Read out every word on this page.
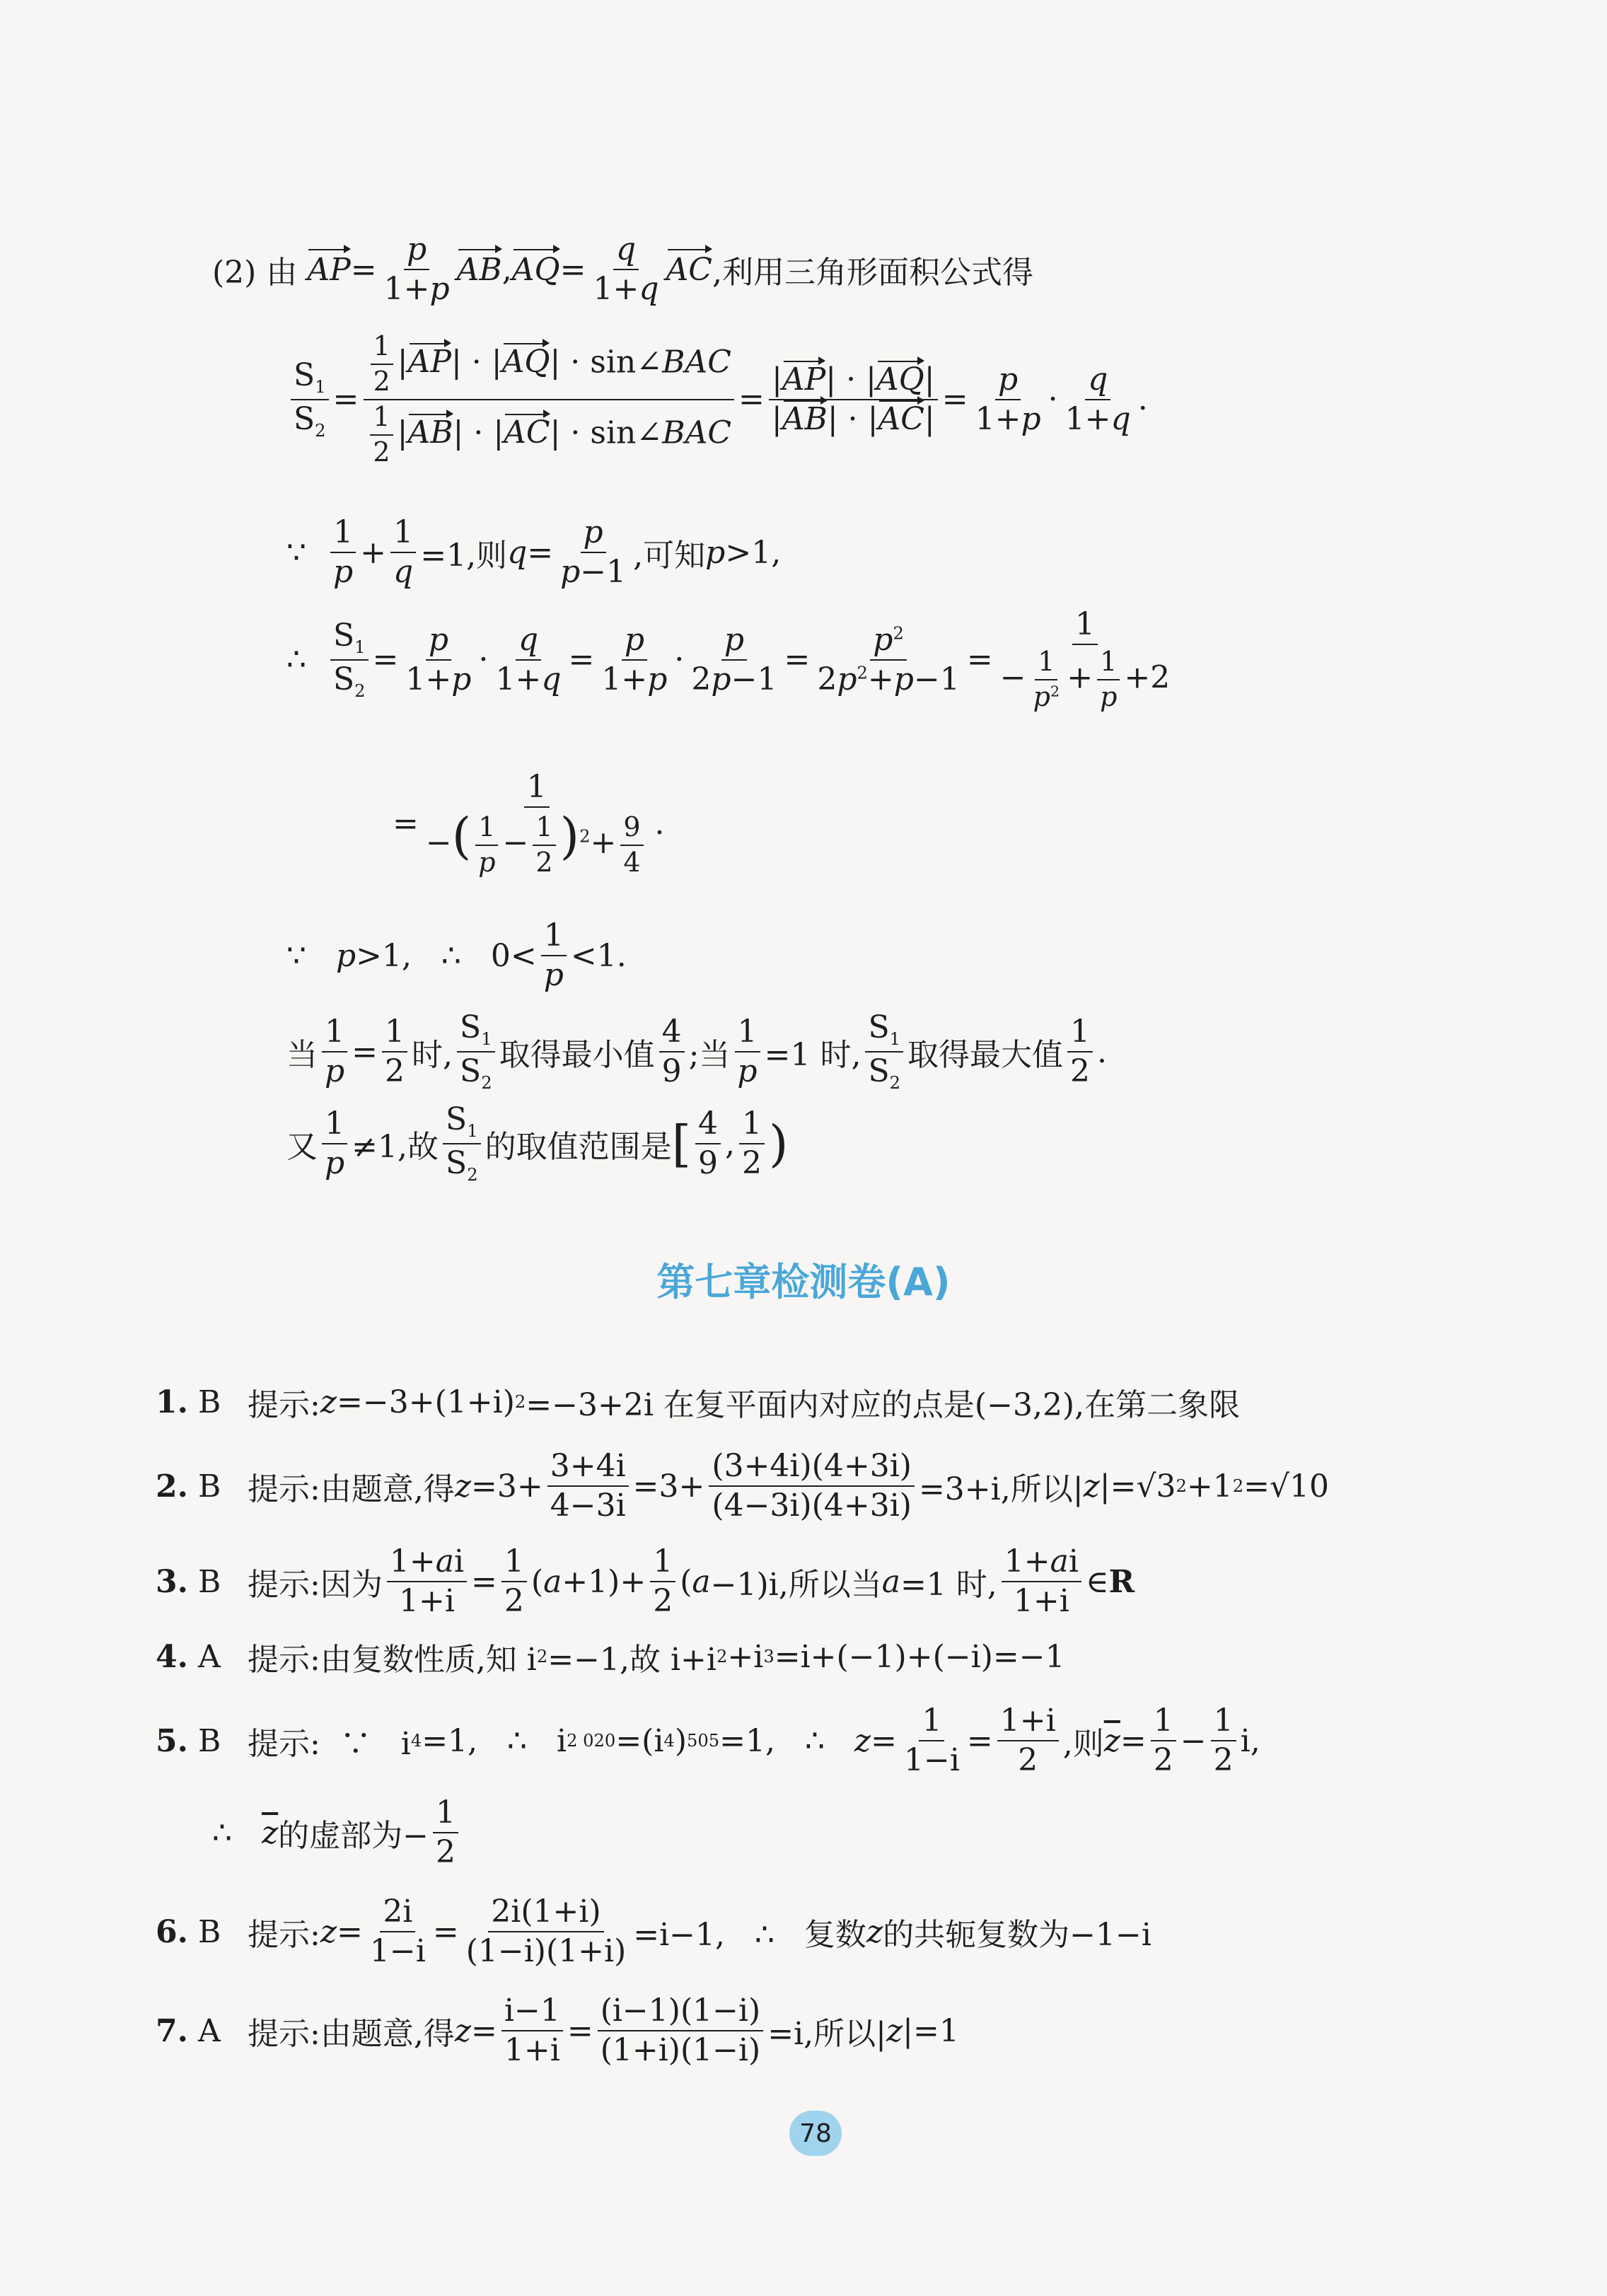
(2) 由
AP = $\frac{p}{1+p}$ AB , AQ = $\frac{q}{1+q}$ AC ,利用三角形面积公式得
$\frac{S_1}{S_2} = \frac{\frac{1}{2} |AP| \cdot |AQ| \cdot \sin\angle BAC}{\frac{1}{2} |AB| \cdot |AC| \cdot \sin\angle BAC} = \frac{|AP| \cdot |AQ|}{|AB| \cdot |AC|} = \frac{p}{1+p} \cdot \frac{q}{1+q}$ .
∵
$\frac{1}{p} + \frac{1}{q} =1$,则 $q = \frac{p}{p-1}$ ,可知 p >1,
∴
$\frac{S_1}{S_2} = \frac{p}{1+p} \cdot \frac{q}{1+q} = \frac{p}{1+p} \cdot \frac{p}{2p-1} = \frac{p^2}{2p^2+p-1} = \frac{1}{- \frac{1}{p^2} + \frac{1}{p} +2}$
= $\frac{1}{-( \frac{1}{p} - \frac{1}{2} )^2+ \frac{9}{4}}$ .
∵ p >1,   ∴   $0< \frac{1}{p} <1$.
当 $\frac{1}{p} = \frac{1}{2}$ 时, $\frac{S_1}{S_2}$ 取得最小值 $\frac{4}{9}$ ;当 $\frac{1}{p} =1$ 时, $\frac{S_1}{S_2}$ 取得最大值 $\frac{1}{2}$ .
又 $\frac{1}{p} \ne 1$,故 $\frac{S_1}{S_2}$ 的取值范围是 [ $\frac{4}{9}$ , $\frac{1}{2}$ )
第七章检测卷(A)
1. B 提示: z =−3+(1+i) 2 =−3+2i 在复平面内对应的点是(−3,2),在第二象限
2. B 提示:由题意,得 $z =3+ \frac{3+4i}{4-3i} =3+ \frac{(3+4i)(4+3i)}{(4-3i)(4+3i)} =3+i$,所以| z |=√3 2 +1 2 =√10
3. B 提示:因为 $\frac{1+ai}{1+i} = \frac{1}{2}$ ( $a +1)+ \frac{1}{2}$ ( a −1)i,所以当 a =1 时, $\frac{1+ai}{1+i}$ ∈ R
4. A 提示:由复数性质,知 i 2 =−1,故 i+i 2 +i 3 =i+(−1)+(−i)=−1
5. B 提示:  ∵   i 4 =1,   ∴   i 2 020 =(i 4 ) 505 =1,   ∴ $z = \frac{1}{1-i} = \frac{1+i}{2}$ ,则 $\overline{z} = \frac{1}{2} - \frac{1}{2} i$,
∴ $\overline{z}$ 的虚部为− $\frac{1}{2}$
6. B 提示: $z = \frac{2i}{1-i} = \frac{2i(1+i)}{(1-i)(1+i)} =i-1$,   ∴   复数 z 的共轭复数为−1−i
7. A 提示:由题意,得 $z = \frac{i-1}{1+i} = \frac{(i-1)(1-i)}{(1+i)(1-i)} =i$,所以| z |=1
78
